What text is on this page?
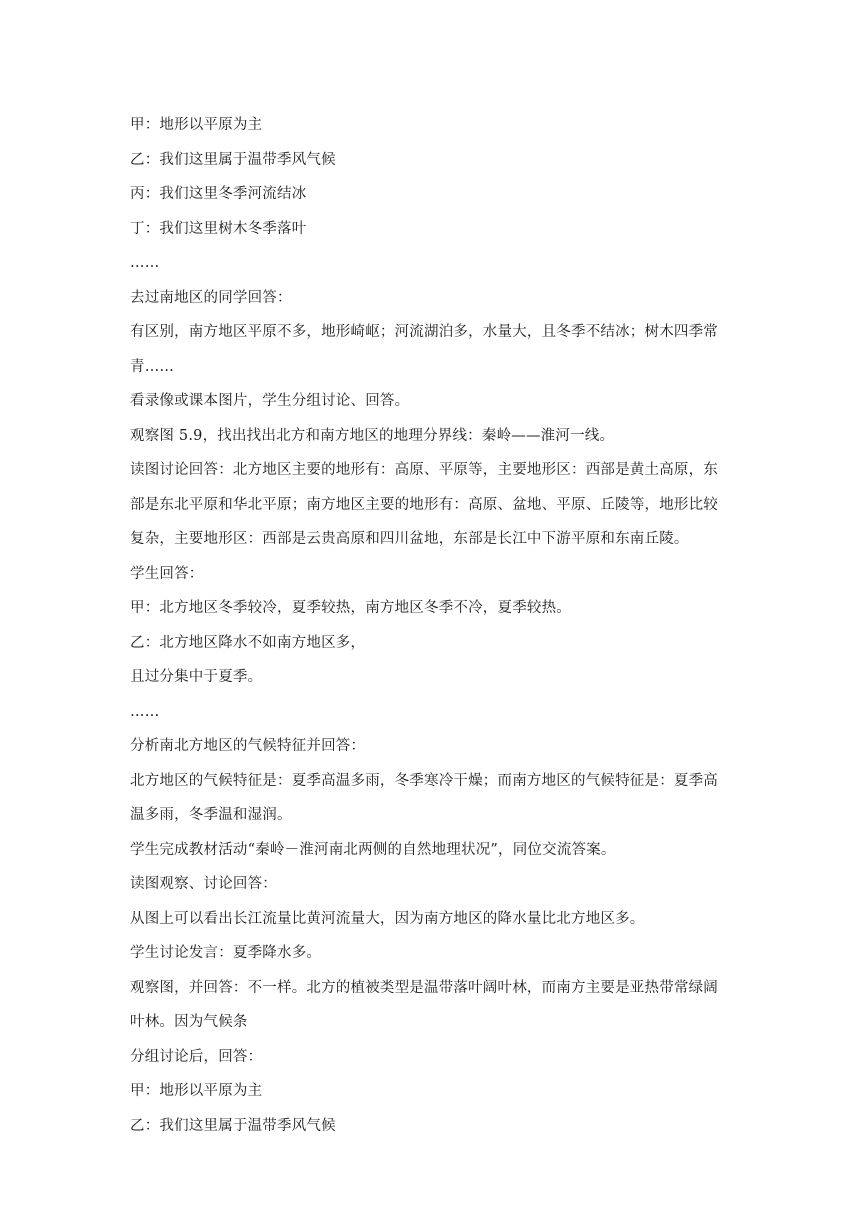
甲：地形以平原为主
乙：我们这里属于温带季风气候
丙：我们这里冬季河流结冰
丁：我们这里树木冬季落叶
……
去过南地区的同学回答：
有区别，南方地区平原不多，地形崎岖；河流湖泊多，水量大，且冬季不结冰；树木四季常
青……
看录像或课本图片，学生分组讨论、回答。
观察图 5.9，找出找出北方和南方地区的地理分界线：秦岭——淮河一线。
读图讨论回答：北方地区主要的地形有：高原、平原等，主要地形区：西部是黄土高原，东
部是东北平原和华北平原；南方地区主要的地形有：高原、盆地、平原、丘陵等，地形比较
复杂，主要地形区：西部是云贵高原和四川盆地，东部是长江中下游平原和东南丘陵。
学生回答：
甲：北方地区冬季较冷，夏季较热，南方地区冬季不冷，夏季较热。
乙：北方地区降水不如南方地区多，
且过分集中于夏季。
……
分析南北方地区的气候特征并回答：
北方地区的气候特征是：夏季高温多雨，冬季寒冷干燥；而南方地区的气候特征是：夏季高
温多雨，冬季温和湿润。
学生完成教材活动“秦岭－淮河南北两侧的自然地理状况”，同位交流答案。
读图观察、讨论回答：
从图上可以看出长江流量比黄河流量大，因为南方地区的降水量比北方地区多。
学生讨论发言：夏季降水多。
观察图，并回答：不一样。北方的植被类型是温带落叶阔叶林，而南方主要是亚热带常绿阔
叶林。因为气候条
分组讨论后，回答：
甲：地形以平原为主
乙：我们这里属于温带季风气候
